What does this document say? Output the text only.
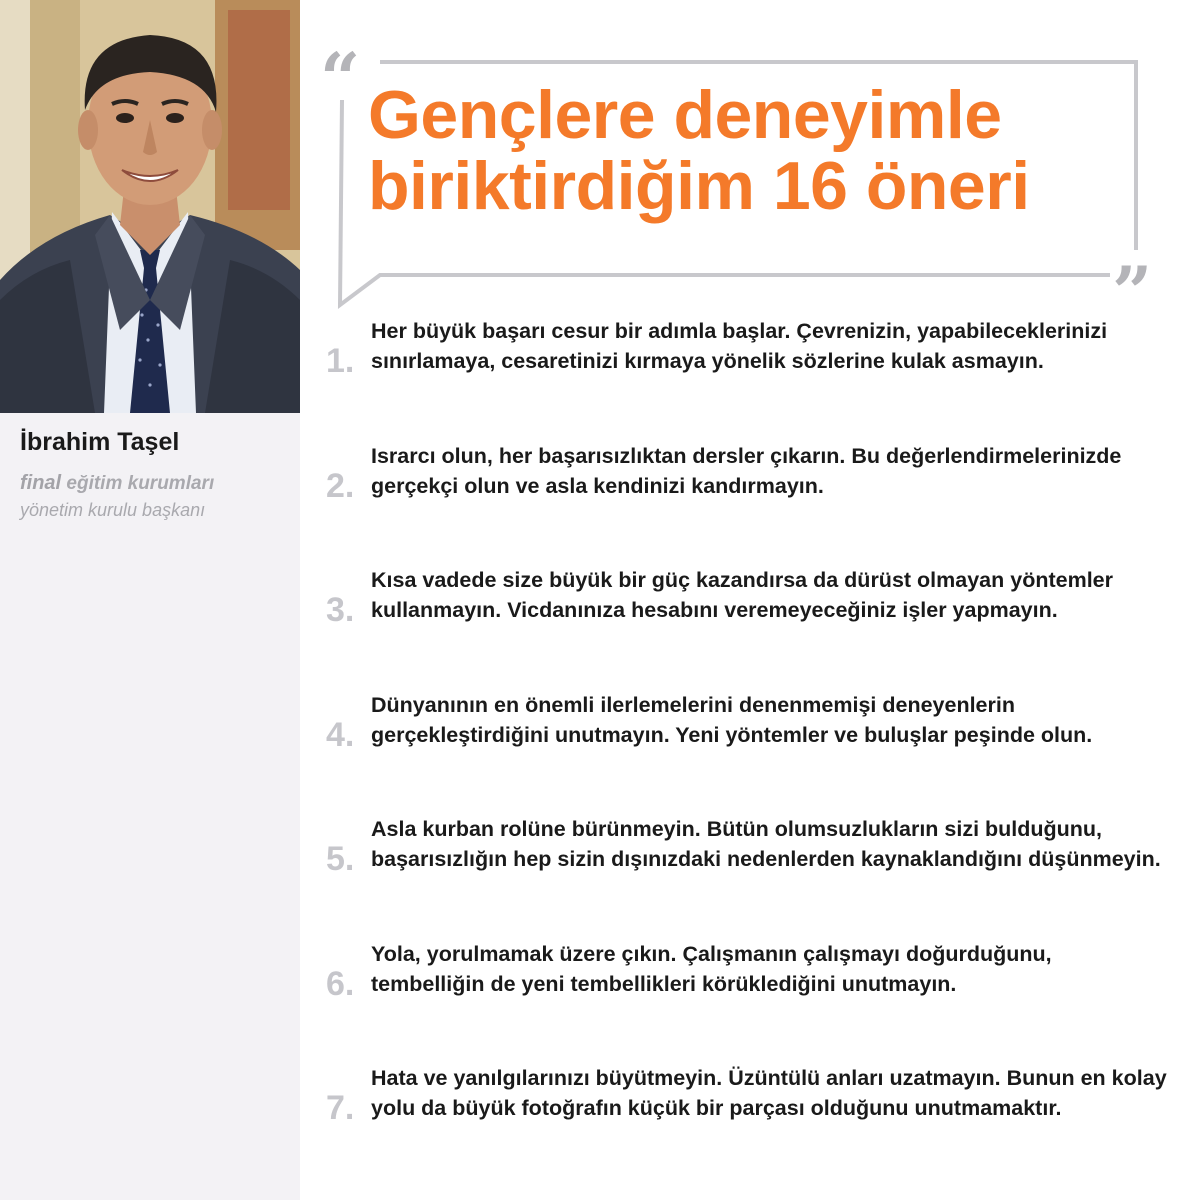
İbrahim Taşel
final eğitim kurumları
yönetim kurulu başkanı
“
”
Gençlere deneyimle
biriktirdiğim 16 öneri
1.
Her büyük başarı cesur bir adımla başlar. Çevrenizin, yapabileceklerinizi sınırlamaya, cesaretinizi kırmaya yönelik sözlerine kulak asmayın.
2.
Israrcı olun, her başarısızlıktan dersler çıkarın. Bu değerlendirmelerinizde gerçekçi olun ve asla kendinizi kandırmayın.
3.
Kısa vadede size büyük bir güç kazandırsa da dürüst olmayan yöntemler kullanmayın. Vicdanınıza hesabını veremeyeceğiniz işler yapmayın.
4.
Dünyanının en önemli ilerlemelerini denenmemişi deneyenlerin gerçekleştirdiğini unutmayın. Yeni yöntemler ve buluşlar peşinde olun.
5.
Asla kurban rolüne bürünmeyin. Bütün olumsuzlukların sizi bulduğunu, başarısızlığın hep sizin dışınızdaki nedenlerden kaynaklandığını düşünmeyin.
6.
Yola, yorulmamak üzere çıkın. Çalışmanın çalışmayı doğurduğunu, tembelliğin de yeni tembellikleri körüklediğini unutmayın.
7.
Hata ve yanılgılarınızı büyütmeyin. Üzüntülü anları uzatmayın. Bunun en kolay yolu da büyük fotoğrafın küçük bir parçası olduğunu unutmamaktır.
